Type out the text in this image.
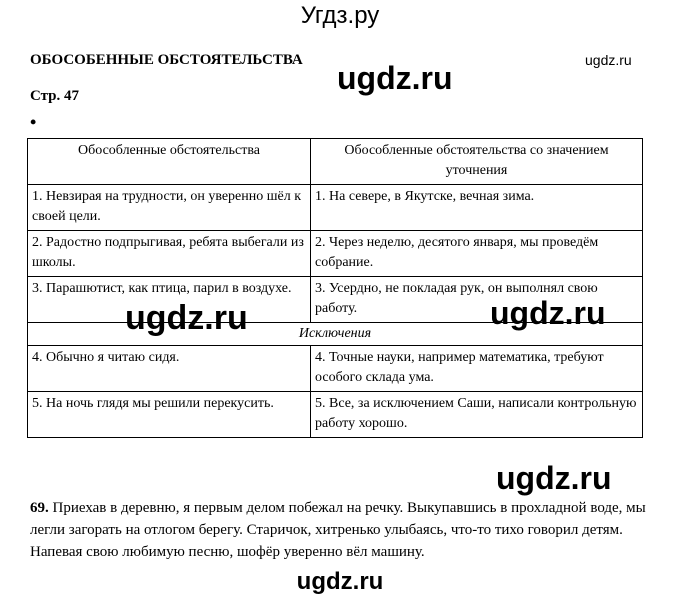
Угдз.ру
ugdz.ru
ОБОСОБЕННЫЕ ОБСТОЯТЕЛЬСТВА ugdz.ru
Стр. 47
•
Обособленные обстоятельства	Обособленные обстоятельства со значением уточнения
1. Невзирая на трудности, он уверенно шёл к своей цели.	1. На севере, в Якутске, вечная зима.
2. Радостно подпрыгивая, ребята выбегали из школы.	2. Через неделю, десятого января, мы проведём собрание.
3. Парашютист, как птица, парил в воздухе.	3. Усердно, не покладая рук, он выполнял свою работу.
Исключения	
4. Обычно я читаю сидя.	4. Точные науки, например математика, требуют особого склада ума.
5. На ночь глядя мы решили перекусить.	5. Все, за исключением Саши, написали контрольную работу хорошо.
ugdz.ru	ugdz.ru
ugdz.ru
69. Приехав в деревню, я первым делом побежал на речку. Выкупавшись в прохладной воде, мы легли загорать на отлогом берегу. Старичок, хитренько улыбаясь, что-то тихо говорил детям. Напевая свою любимую песню, шофёр уверенно вёл машину.
ugdz.ru
